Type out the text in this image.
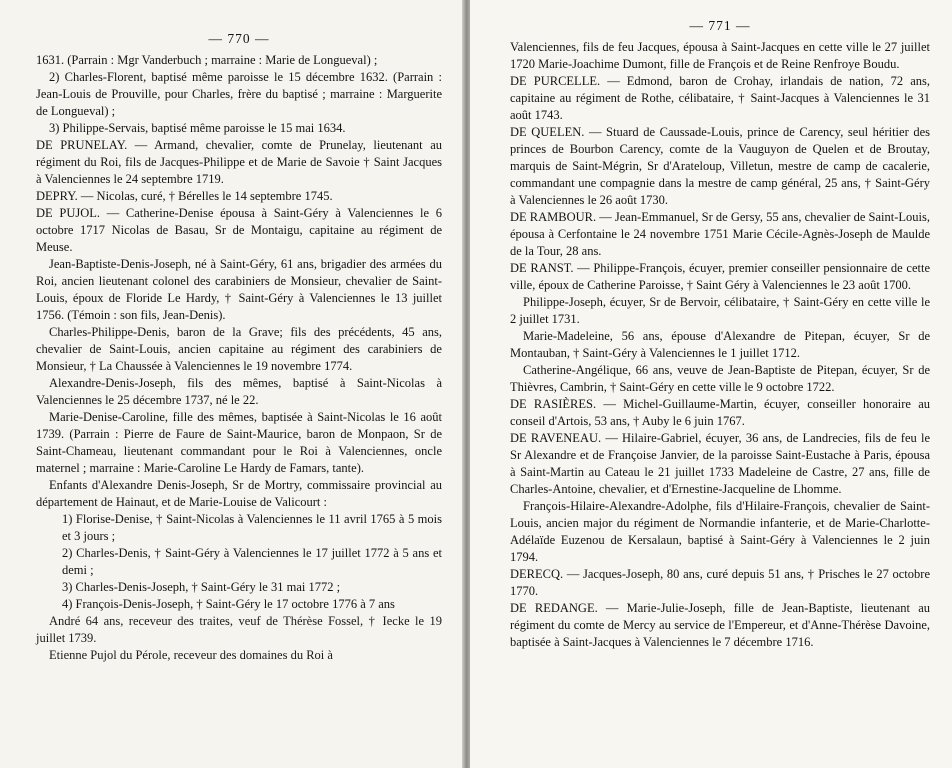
— 770 —

1631. (Parrain : Mgr Vanderbuch ; marraine : Marie de Longueval) ;

2) Charles-Florent, baptisé même paroisse le 15 décembre 1632. (Parrain : Jean-Louis de Prouville, pour Charles, frère du baptisé ; marraine : Marguerite de Longueval) ;

3) Philippe-Servais, baptisé même paroisse le 15 mai 1634.

DE PRUNELAY. — Armand, chevalier, comte de Prunelay, lieutenant au régiment du Roi, fils de Jacques-Philippe et de Marie de Savoie † Saint Jacques à Valenciennes le 24 septembre 1719.

DEPRY. — Nicolas, curé, † Bérelles le 14 septembre 1745.

DE PUJOL. — Catherine-Denise épousa à Saint-Géry à Valenciennes le 6 octobre 1717 Nicolas de Basau, Sr de Montaigu, capitaine au régiment de Meuse.

Jean-Baptiste-Denis-Joseph, né à Saint-Géry, 61 ans, brigadier des armées du Roi, ancien lieutenant colonel des carabiniers de Monsieur, chevalier de Saint-Louis, époux de Floride Le Hardy, † Saint-Géry à Valenciennes le 13 juillet 1756. (Témoin : son fils, Jean-Denis).

Charles-Philippe-Denis, baron de la Grave; fils des précédents, 45 ans, chevalier de Saint-Louis, ancien capitaine au régiment des carabiniers de Monsieur, † La Chaussée à Valenciennes le 19 novembre 1774.

Alexandre-Denis-Joseph, fils des mêmes, baptisé à Saint-Nicolas à Valenciennes le 25 décembre 1737, né le 22.

Marie-Denise-Caroline, fille des mêmes, baptisée à Saint-Nicolas le 16 août 1739. (Parrain : Pierre de Faure de Saint-Maurice, baron de Monpaon, Sr de Saint-Chameau, lieutenant commandant pour le Roi à Valenciennes, oncle maternel ; marraine : Marie-Caroline Le Hardy de Famars, tante).

Enfants d'Alexandre Denis-Joseph, Sr de Mortry, commissaire provincial au département de Hainaut, et de Marie-Louise de Valicourt :

1) Florise-Denise, † Saint-Nicolas à Valenciennes le 11 avril 1765 à 5 mois et 3 jours ;

2) Charles-Denis, † Saint-Géry à Valenciennes le 17 juillet 1772 à 5 ans et demi ;

3) Charles-Denis-Joseph, † Saint-Géry le 31 mai 1772 ;

4) François-Denis-Joseph, † Saint-Géry le 17 octobre 1776 à 7 ans

André 64 ans, receveur des traites, veuf de Thérèse Fossel, † Iecke le 19 juillet 1739.

Etienne Pujol du Pérole, receveur des domaines du Roi à

— 771 —

Valenciennes, fils de feu Jacques, épousa à Saint-Jacques en cette ville le 27 juillet 1720 Marie-Joachime Dumont, fille de François et de Reine Renfroye Boudu.

DE PURCELLE. — Edmond, baron de Crohay, irlandais de nation, 72 ans, capitaine au régiment de Rothe, célibataire, † Saint-Jacques à Valenciennes le 31 août 1743.

DE QUELEN. — Stuard de Caussade-Louis, prince de Carency, seul héritier des princes de Bourbon Carency, comte de la Vauguyon de Quelen et de Broutay, marquis de Saint-Mégrin, Sr d'Arateloup, Villetun, mestre de camp de cacalerie, commandant une compagnie dans la mestre de camp général, 25 ans, † Saint-Géry à Valenciennes le 26 août 1730.

DE RAMBOUR. — Jean-Emmanuel, Sr de Gersy, 55 ans, chevalier de Saint-Louis, épousa à Cerfontaine le 24 novembre 1751 Marie Cécile-Agnès-Joseph de Maulde de la Tour, 28 ans.

DE RANST. — Philippe-François, écuyer, premier conseiller pensionnaire de cette ville, époux de Catherine Paroisse, † Saint Géry à Valenciennes le 23 août 1700.

Philippe-Joseph, écuyer, Sr de Bervoir, célibataire, † Saint-Géry en cette ville le 2 juillet 1731.

Marie-Madeleine, 56 ans, épouse d'Alexandre de Pitepan, écuyer, Sr de Montauban, † Saint-Géry à Valenciennes le 1 juillet 1712.

Catherine-Angélique, 66 ans, veuve de Jean-Baptiste de Pitepan, écuyer, Sr de Thièvres, Cambrin, † Saint-Géry en cette ville le 9 octobre 1722.

DE RASIÈRES. — Michel-Guillaume-Martin, écuyer, conseiller honoraire au conseil d'Artois, 53 ans, † Auby le 6 juin 1767.

DE RAVENEAU. — Hilaire-Gabriel, écuyer, 36 ans, de Landrecies, fils de feu le Sr Alexandre et de Françoise Janvier, de la paroisse Saint-Eustache à Paris, épousa à Saint-Martin au Cateau le 21 juillet 1733 Madeleine de Castre, 27 ans, fille de Charles-Antoine, chevalier, et d'Ernestine-Jacqueline de Lhomme.

François-Hilaire-Alexandre-Adolphe, fils d'Hilaire-François, chevalier de Saint-Louis, ancien major du régiment de Normandie infanterie, et de Marie-Charlotte-Adélaïde Euzenou de Kersalaun, baptisé à Saint-Géry à Valenciennes le 2 juin 1794.

DERECQ. — Jacques-Joseph, 80 ans, curé depuis 51 ans, † Prisches le 27 octobre 1770.

DE REDANGE. — Marie-Julie-Joseph, fille de Jean-Baptiste, lieutenant au régiment du comte de Mercy au service de l'Empereur, et d'Anne-Thérèse Davoine, baptisée à Saint-Jacques à Valenciennes le 7 décembre 1716.
